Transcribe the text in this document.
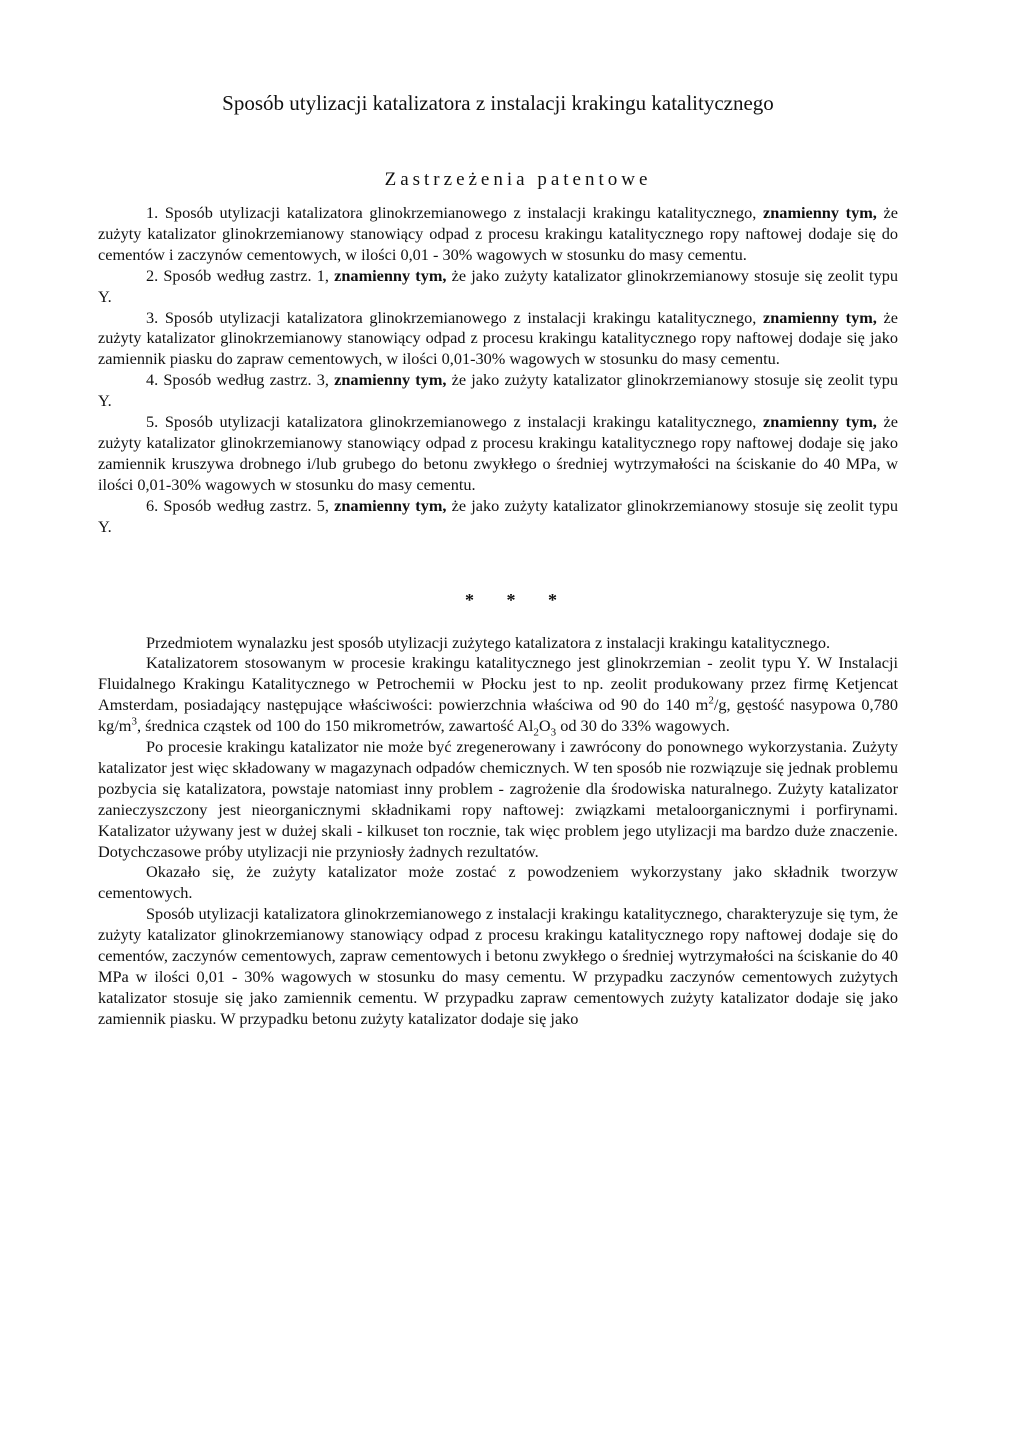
Sposób utylizacji katalizatora z instalacji krakingu katalitycznego
Zastrzeżenia patentowe

1. Sposób utylizacji katalizatora glinokrzemianowego z instalacji krakingu katalitycznego, znamienny tym, że zużyty katalizator glinokrzemianowy stanowiący odpad z procesu krakingu katalitycznego ropy naftowej dodaje się do cementów i zaczynów cementowych, w ilości 0,01 - 30% wagowych w stosunku do masy cementu.

2. Sposób według zastrz. 1, znamienny tym, że jako zużyty katalizator glinokrzemianowy stosuje się zeolit typu Y.

3. Sposób utylizacji katalizatora glinokrzemianowego z instalacji krakingu katalitycznego, znamienny tym, że zużyty katalizator glinokrzemianowy stanowiący odpad z procesu krakingu katalitycznego ropy naftowej dodaje się jako zamiennik piasku do zapraw cementowych, w ilości 0,01-30% wagowych w stosunku do masy cementu.

4. Sposób według zastrz. 3, znamienny tym, że jako zużyty katalizator glinokrzemianowy stosuje się zeolit typu Y.

5. Sposób utylizacji katalizatora glinokrzemianowego z instalacji krakingu katalitycznego, znamienny tym, że zużyty katalizator glinokrzemianowy stanowiący odpad z procesu krakingu katalitycznego ropy naftowej dodaje się jako zamiennik kruszywa drobnego i/lub grubego do betonu zwykłego o średniej wytrzymałości na ściskanie do 40 MPa, w ilości 0,01-30% wagowych w stosunku do masy cementu.

6. Sposób według zastrz. 5, znamienny tym, że jako zużyty katalizator glinokrzemianowy stosuje się zeolit typu Y.

* * *

Przedmiotem wynalazku jest sposób utylizacji zużytego katalizatora z instalacji krakingu katalitycznego.

Katalizatorem stosowanym w procesie krakingu katalitycznego jest glinokrzemian - zeolit typu Y. W Instalacji Fluidalnego Krakingu Katalitycznego w Petrochemii w Płocku jest to np. zeolit produkowany przez firmę Ketjencat Amsterdam, posiadający następujące właściwości: powierzchnia właściwa od 90 do 140 $m^2/g$, gęstość nasypowa 0,780 $kg/m^3$, średnica cząstek od 100 do 150 mikrometrów, zawartość $Al_2O_3$ od 30 do 33% wagowych.

Po procesie krakingu katalizator nie może być zregenerowany i zawrócony do ponownego wykorzystania. Zużyty katalizator jest więc składowany w magazynach odpadów chemicznych. W ten sposób nie rozwiązuje się jednak problemu pozbycia się katalizatora, powstaje natomiast inny problem - zagrożenie dla środowiska naturalnego. Zużyty katalizator zanieczyszczony jest nieorganicznymi składnikami ropy naftowej: związkami metaloorganicznymi i porfirynami. Katalizator używany jest w dużej skali - kilkuset ton rocznie, tak więc problem jego utylizacji ma bardzo duże znaczenie. Dotychczasowe próby utylizacji nie przyniosły żadnych rezultatów.

Okazało się, że zużyty katalizator może zostać z powodzeniem wykorzystany jako składnik tworzyw cementowych.

Sposób utylizacji katalizatora glinokrzemianowego z instalacji krakingu katalitycznego, charakteryzuje się tym, że zużyty katalizator glinokrzemianowy stanowiący odpad z procesu krakingu katalitycznego ropy naftowej dodaje się do cementów, zaczynów cementowych, zapraw cementowych i betonu zwykłego o średniej wytrzymałości na ściskanie do 40 MPa w ilości 0,01 - 30% wagowych w stosunku do masy cementu. W przypadku zaczynów cementowych zużytych katalizator stosuje się jako zamiennik cementu. W przypadku zapraw cementowych zużyty katalizator dodaje się jako zamiennik piasku. W przypadku betonu zużyty katalizator dodaje się jako
